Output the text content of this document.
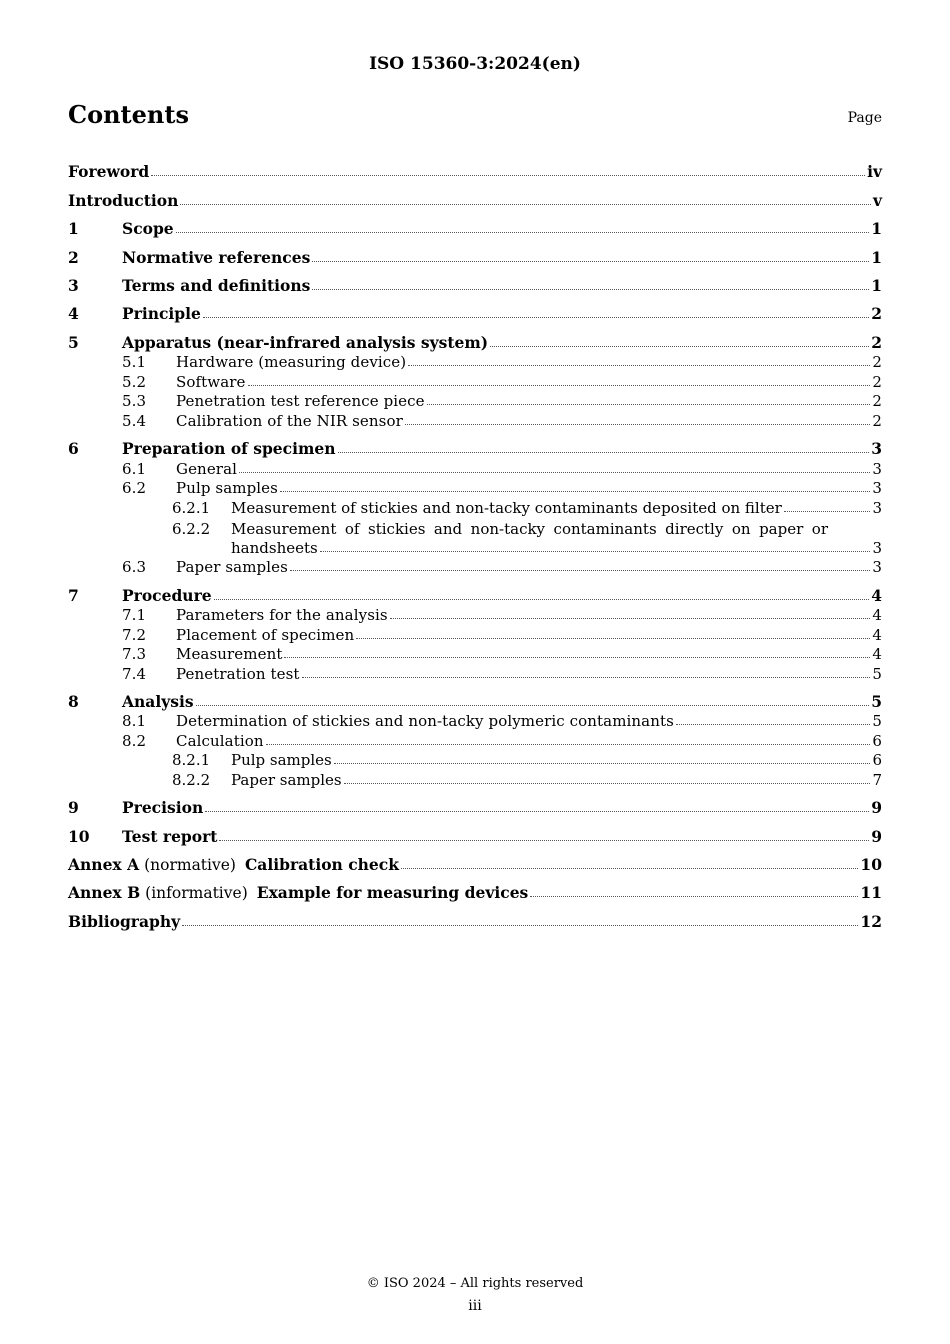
ISO 15360-3:2024(en)
Contents	Page
Foreword	iv
Introduction	v
1	Scope	1
2	Normative references	1
3	Terms and definitions	1
4	Principle	2
5	Apparatus (near-infrared analysis system)	2
5.1	Hardware (measuring device)	2
5.2	Software	2
5.3	Penetration test reference piece	2
5.4	Calibration of the NIR sensor	2
6	Preparation of specimen	3
6.1	General	3
6.2	Pulp samples	3
6.2.1	Measurement of stickies and non-tacky contaminants deposited on filter	3
6.2.2	Measurement of stickies and non-tacky contaminants directly on paper or
handsheets	3
6.3	Paper samples	3
7	Procedure	4
7.1	Parameters for the analysis	4
7.2	Placement of specimen	4
7.3	Measurement	4
7.4	Penetration test	5
8	Analysis	5
8.1	Determination of stickies and non-tacky polymeric contaminants	5
8.2	Calculation	6
8.2.1	Pulp samples	6
8.2.2	Paper samples	7
9	Precision	9
10	Test report	9
Annex A (normative) Calibration check	10
Annex B (informative) Example for measuring devices	11
Bibliography	12
© ISO 2024 – All rights reserved
iii
